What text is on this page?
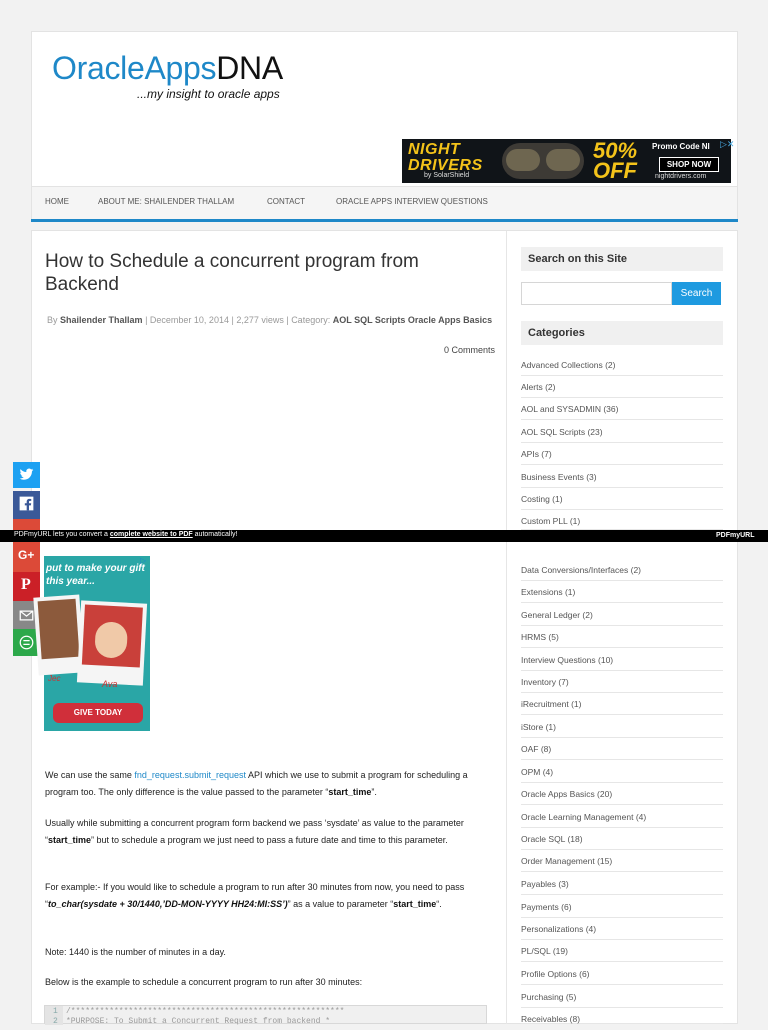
OracleAppsDNA
...my insight to oracle apps
NIGHT DRIVERS
by SolarShield
50% OFF
Promo Code NI
SHOP NOW
nightdrivers.com
▷✕
HOME	ABOUT ME: SHAILENDER THALLAM	CONTACT	ORACLE APPS INTERVIEW QUESTIONS
How to Schedule a concurrent program from Backend
By Shailender Thallam | December 10, 2014 | 2,277 views | Category: AOL SQL Scripts Oracle Apps Basics
0 Comments
G+
P
PDFmyURL lets you convert a complete website to PDF automatically!	PDFmyURL
put to make your gift this year...
Jec
Ava
GIVE TODAY
▷
We can use the same fnd_request.submit_request API which we use to submit a program for scheduling a program too. The only difference is the value passed to the parameter “start_time”.
Usually while submitting a concurrent program form backend we pass ‘sysdate’ as value to the parameter “start_time” but to schedule a program we just need to pass a future date and time to this parameter.
For example:- If you would like to schedule a program to run after 30 minutes from now, you need to pass “to_char(sysdate + 30/1440,’DD-MON-YYYY HH24:MI:SS’)” as a value to parameter “start_time“.
Note: 1440 is the number of minutes in a day.
Below is the example to schedule a concurrent program to run after 30 minutes:
1 /*********************************************************
2 *PURPOSE: To Submit a Concurrent Request from backend *
Search on this Site
Search
Categories
Advanced Collections (2)
Alerts (2)
AOL and SYSADMIN (36)
AOL SQL Scripts (23)
APIs (7)
Business Events (3)
Costing (1)
Custom PLL (1)
Data Conversions/Interfaces (2)
Extensions (1)
General Ledger (2)
HRMS (5)
Interview Questions (10)
Inventory (7)
iRecruitment (1)
iStore (1)
OAF (8)
OPM (4)
Oracle Apps Basics (20)
Oracle Learning Management (4)
Oracle SQL (18)
Order Management (15)
Payables (3)
Payments (6)
Personalizations (4)
PL/SQL (19)
Profile Options (6)
Purchasing (5)
Receivables (8)
